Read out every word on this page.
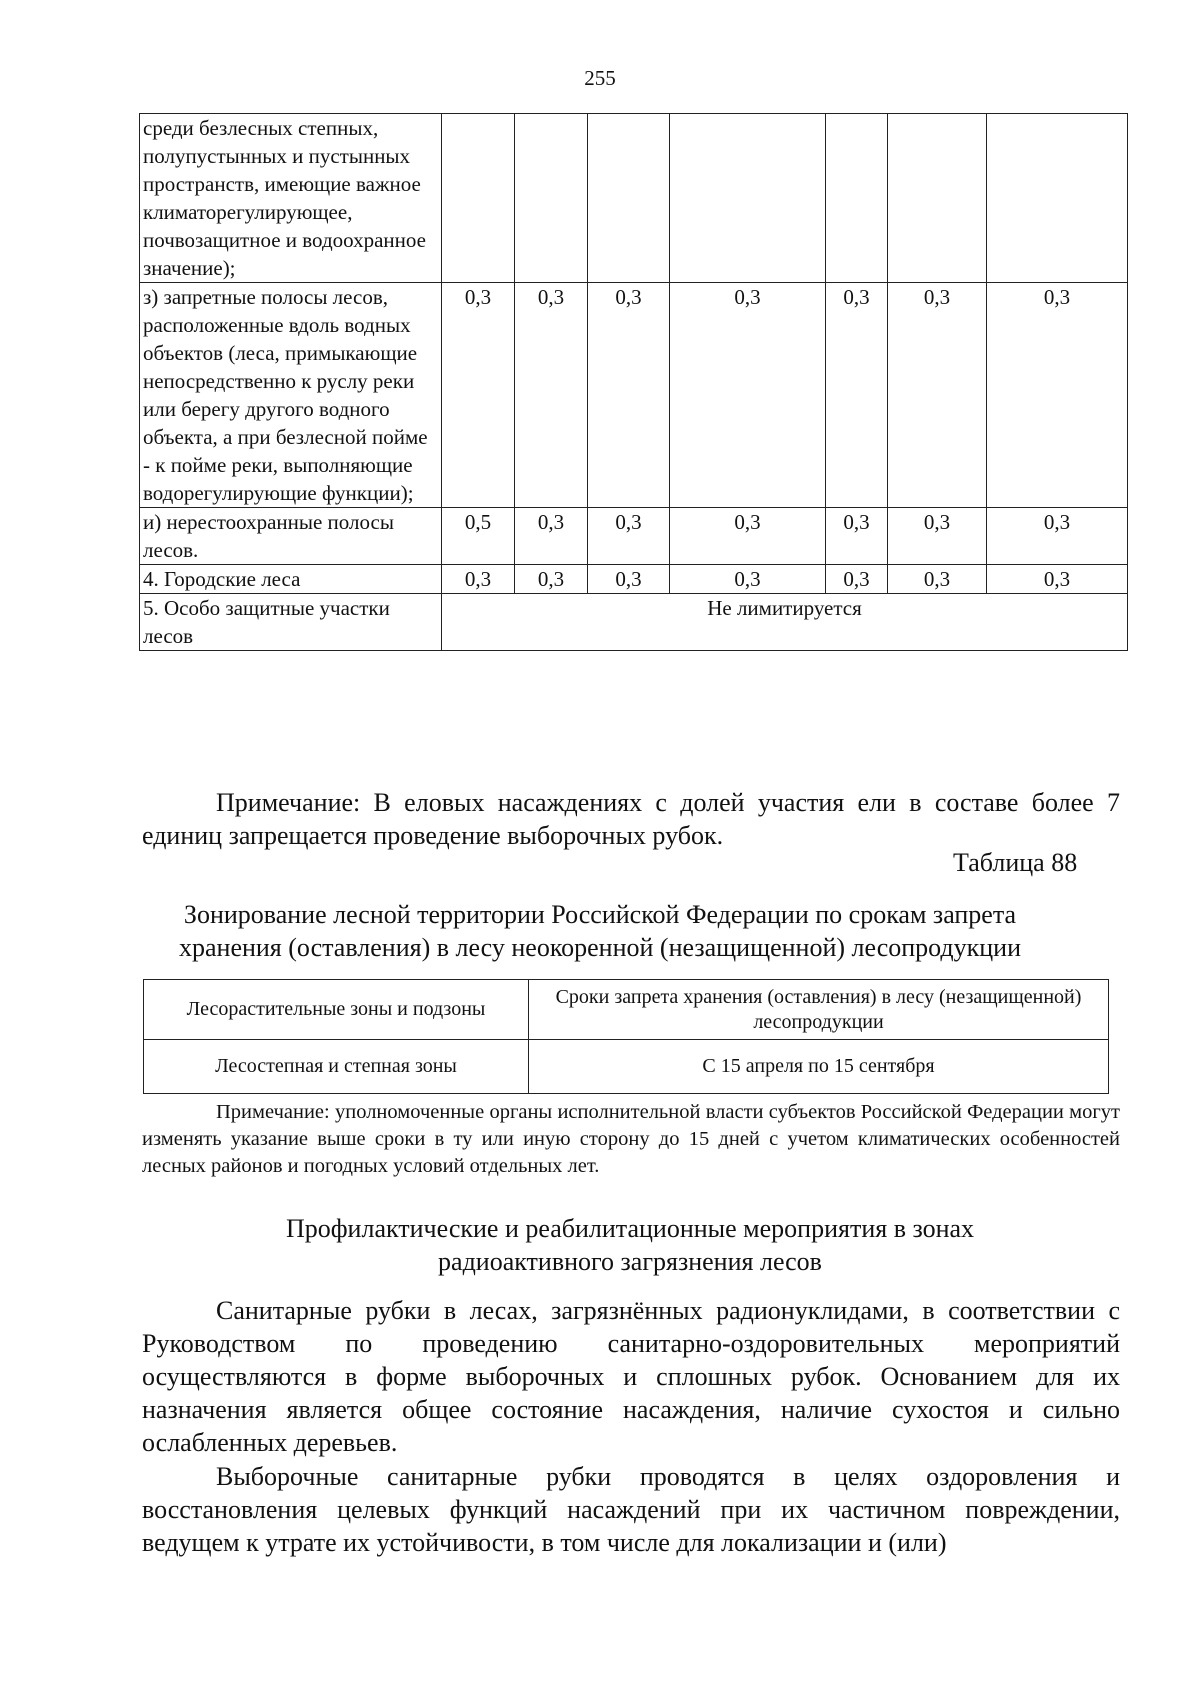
255
среди безлесных степных, полупустынных и пустынных пространств, имеющие важное климаторегулирующее, почвозащитное и водоохранное значение);							
з) запретные полосы лесов, расположенные вдоль водных объектов (леса, примыкающие непосредственно к руслу реки или берегу другого водного объекта, а при безлесной пойме - к пойме реки, выполняющие водорегулирующие функции);	0,3	0,3	0,3	0,3	0,3	0,3	0,3
и) нерестоохранные полосы лесов.	0,5	0,3	0,3	0,3	0,3	0,3	0,3
4. Городские леса	0,3	0,3	0,3	0,3	0,3	0,3	0,3
5. Особо защитные участки лесов	Не лимитируется						
Примечание: В еловых насаждениях с долей участия ели в составе более 7 единиц запрещается проведение выборочных рубок.
Таблица 88
Зонирование лесной территории Российской Федерации по срокам запрета
хранения (оставления) в лесу неокоренной (незащищенной) лесопродукции
Лесорастительные зоны и подзоны	Сроки запрета хранения (оставления) в лесу (незащищенной) лесопродукции
Лесостепная и степная зоны	С 15 апреля по 15 сентября
Примечание: уполномоченные органы исполнительной власти субъектов Российской Федерации могут изменять указание выше сроки в ту или иную сторону до 15 дней с учетом климатических особенностей лесных районов и погодных условий отдельных лет.
Профилактические и реабилитационные мероприятия в зонах
радиоактивного загрязнения лесов
Санитарные рубки в лесах, загрязнённых радионуклидами, в соответствии с Руководством по проведению санитарно-оздоровительных мероприятий осуществляются в форме выборочных и сплошных рубок. Основанием для их назначения является общее состояние насаждения, наличие сухостоя и сильно ослабленных деревьев.
Выборочные санитарные рубки проводятся в целях оздоровления и восстановления целевых функций насаждений при их частичном повреждении, ведущем к утрате их устойчивости, в том числе для локализации и (или)
